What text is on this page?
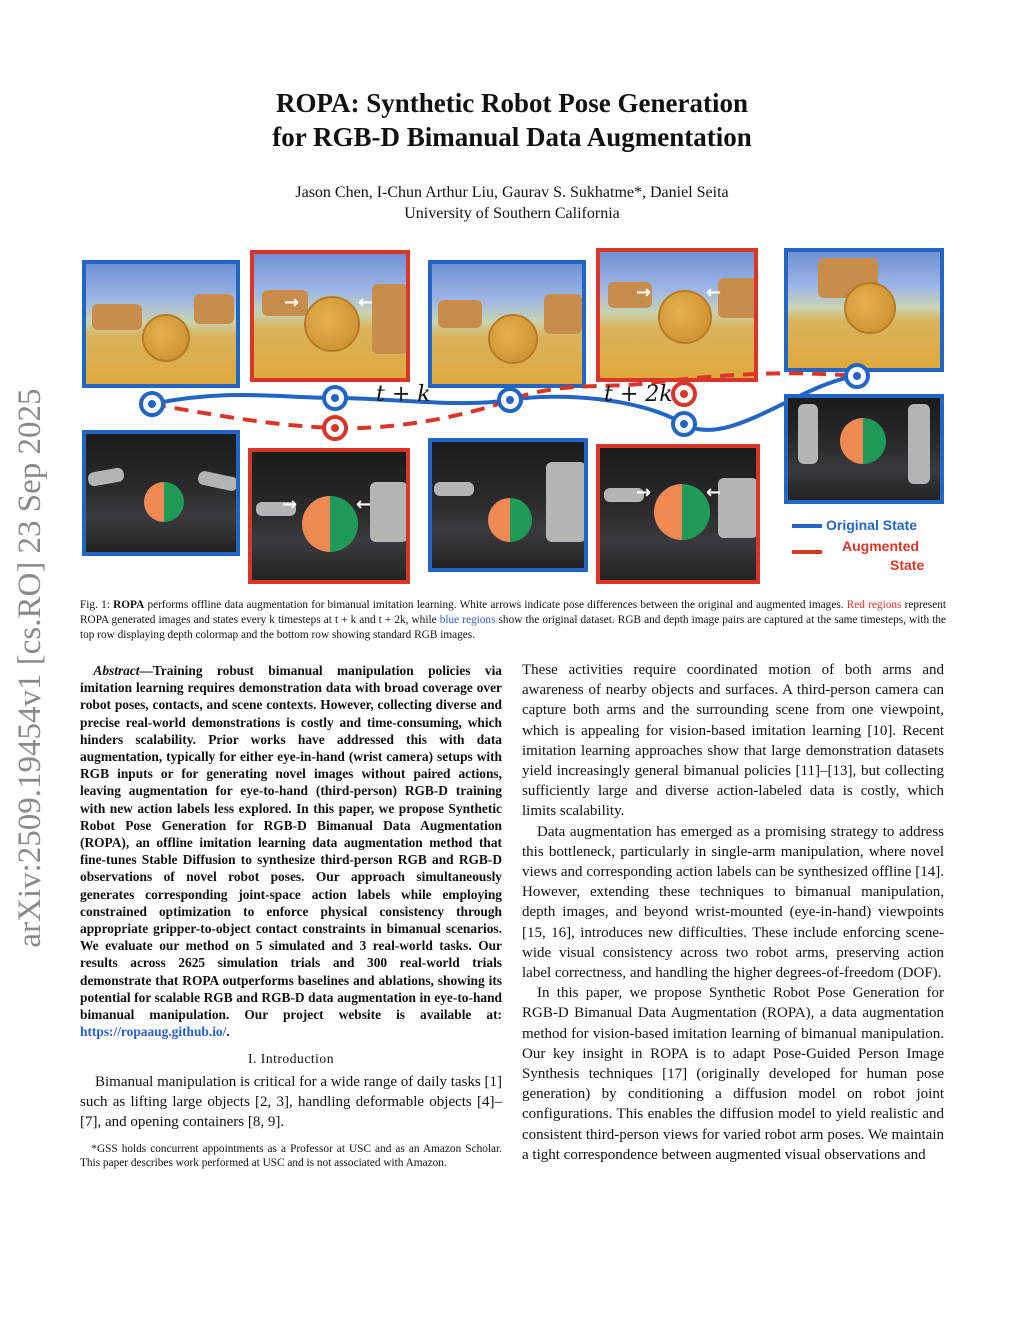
arXiv:2509.19454v1 [cs.RO] 23 Sep 2025
ROPA: Synthetic Robot Pose Generation
for RGB-D Bimanual Data Augmentation
Jason Chen, I-Chun Arthur Liu, Gaurav S. Sukhatme*, Daniel Seita
University of Southern California
→	←	→	←
t + k	t + 2k
→	←
→	←
Original State
Augmented
State
Fig. 1: ROPA performs offline data augmentation for bimanual imitation learning. White arrows indicate pose differences between the original and augmented images. Red regions represent ROPA generated images and states every k timesteps at t + k and t + 2k, while blue regions show the original dataset. RGB and depth image pairs are captured at the same timesteps, with the top row displaying depth colormap and the bottom row showing standard RGB images.

Abstract—Training robust bimanual manipulation policies via imitation learning requires demonstration data with broad coverage over robot poses, contacts, and scene contexts. However, collecting diverse and precise real-world demonstrations is costly and time-consuming, which hinders scalability. Prior works have addressed this with data augmentation, typically for either eye-in-hand (wrist camera) setups with RGB inputs or for generating novel images without paired actions, leaving augmentation for eye-to-hand (third-person) RGB-D training with new action labels less explored. In this paper, we propose Synthetic Robot Pose Generation for RGB-D Bimanual Data Augmentation (ROPA), an offline imitation learning data augmentation method that fine-tunes Stable Diffusion to synthesize third-person RGB and RGB-D observations of novel robot poses. Our approach simultaneously generates corresponding joint-space action labels while employing constrained optimization to enforce physical consistency through appropriate gripper-to-object contact constraints in bimanual scenarios. We evaluate our method on 5 simulated and 3 real-world tasks. Our results across 2625 simulation trials and 300 real-world trials demonstrate that ROPA outperforms baselines and ablations, showing its potential for scalable RGB and RGB-D data augmentation in eye-to-hand bimanual manipulation. Our project website is available at: https://ropaaug.github.io/.

I. Introduction

Bimanual manipulation is critical for a wide range of daily tasks [1] such as lifting large objects [2, 3], handling deformable objects [4]–[7], and opening containers [8, 9].

*GSS holds concurrent appointments as a Professor at USC and as an Amazon Scholar. This paper describes work performed at USC and is not associated with Amazon.

These activities require coordinated motion of both arms and awareness of nearby objects and surfaces. A third-person camera can capture both arms and the surrounding scene from one viewpoint, which is appealing for vision-based imitation learning [10]. Recent imitation learning approaches show that large demonstration datasets yield increasingly general bimanual policies [11]–[13], but collecting sufficiently large and diverse action-labeled data is costly, which limits scalability.

Data augmentation has emerged as a promising strategy to address this bottleneck, particularly in single-arm manipulation, where novel views and corresponding action labels can be synthesized offline [14]. However, extending these techniques to bimanual manipulation, depth images, and beyond wrist-mounted (eye-in-hand) viewpoints [15, 16], introduces new difficulties. These include enforcing scene-wide visual consistency across two robot arms, preserving action label correctness, and handling the higher degrees-of-freedom (DOF).

In this paper, we propose Synthetic Robot Pose Generation for RGB-D Bimanual Data Augmentation (ROPA), a data augmentation method for vision-based imitation learning of bimanual manipulation. Our key insight in ROPA is to adapt Pose-Guided Person Image Synthesis techniques [17] (originally developed for human pose generation) by conditioning a diffusion model on robot joint configurations. This enables the diffusion model to yield realistic and consistent third-person views for varied robot arm poses. We maintain a tight correspondence between augmented visual observations and
